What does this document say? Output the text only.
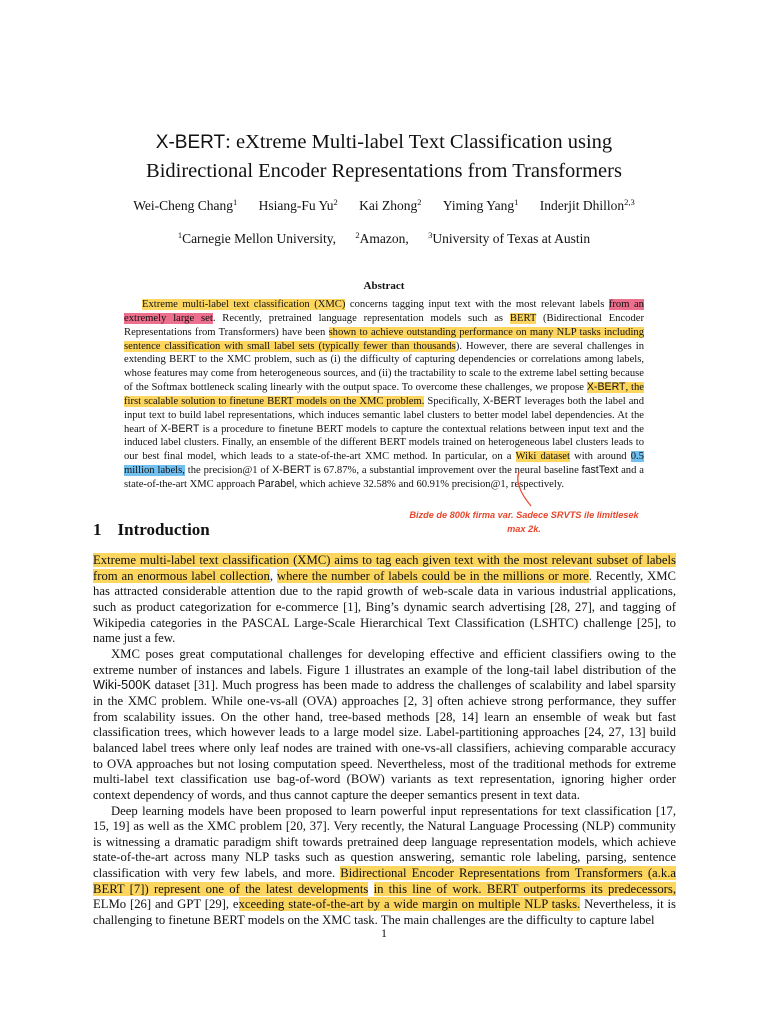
X-BERT: eXtreme Multi-label Text Classification using
Bidirectional Encoder Representations from Transformers
Wei-Cheng Chang$^1$ Hsiang-Fu Yu$^2$ Kai Zhong$^2$ Yiming Yang$^1$ Inderjit Dhillon$^{2,3}$
$^1$Carnegie Mellon University, $^2$Amazon, $^3$University of Texas at Austin
Abstract

Extreme multi-label text classification (XMC) concerns tagging input text with the most relevant labels from an extremely large set. Recently, pretrained language representation models such as BERT (Bidirectional Encoder Representations from Transformers) have been shown to achieve outstanding performance on many NLP tasks including sentence classification with small label sets (typically fewer than thousands). However, there are several challenges in extending BERT to the XMC problem, such as (i) the difficulty of capturing dependencies or correlations among labels, whose features may come from heterogeneous sources, and (ii) the tractability to scale to the extreme label setting because of the Softmax bottleneck scaling linearly with the output space. To overcome these challenges, we propose X-BERT, the first scalable solution to finetune BERT models on the XMC problem. Specifically, X-BERT leverages both the label and input text to build label representations, which induces semantic label clusters to better model label dependencies. At the heart of X-BERT is a procedure to finetune BERT models to capture the contextual relations between input text and the induced label clusters. Finally, an ensemble of the different BERT models trained on heterogeneous label clusters leads to our best final model, which leads to a state-of-the-art XMC method. In particular, on a Wiki dataset with around 0.5 million labels, the precision@1 of X-BERT is 67.87%, a substantial improvement over the neural baseline fastText and a state-of-the-art XMC approach Parabel, which achieve 32.58% and 60.91% precision@1, respectively.

Bizde de 800k firma var. Sadece SRVTS ile limitlesek max 2k.
1 Introduction

Extreme multi-label text classification (XMC) aims to tag each given text with the most relevant subset of labels from an enormous label collection, where the number of labels could be in the millions or more. Recently, XMC has attracted considerable attention due to the rapid growth of web-scale data in various industrial applications, such as product categorization for e-commerce [1], Bing’s dynamic search advertising [28, 27], and tagging of Wikipedia categories in the PASCAL Large-Scale Hierarchical Text Classification (LSHTC) challenge [25], to name just a few.

XMC poses great computational challenges for developing effective and efficient classifiers owing to the extreme number of instances and labels. Figure 1 illustrates an example of the long-tail label distribution of the Wiki-500K dataset [31]. Much progress has been made to address the challenges of scalability and label sparsity in the XMC problem. While one-vs-all (OVA) approaches [2, 3] often achieve strong performance, they suffer from scalability issues. On the other hand, tree-based methods [28, 14] learn an ensemble of weak but fast classification trees, which however leads to a large model size. Label-partitioning approaches [24, 27, 13] build balanced label trees where only leaf nodes are trained with one-vs-all classifiers, achieving comparable accuracy to OVA approaches but not losing computation speed. Nevertheless, most of the traditional methods for extreme multi-label text classification use bag-of-word (BOW) variants as text representation, ignoring higher order context dependency of words, and thus cannot capture the deeper semantics present in text data.

Deep learning models have been proposed to learn powerful input representations for text classification [17, 15, 19] as well as the XMC problem [20, 37]. Very recently, the Natural Language Processing (NLP) community is witnessing a dramatic paradigm shift towards pretrained deep language representation models, which achieve state-of-the-art across many NLP tasks such as question answering, semantic role labeling, parsing, sentence classification with very few labels, and more. Bidirectional Encoder Representations from Transformers (a.k.a BERT [7]) represent one of the latest developments in this line of work. BERT outperforms its predecessors, ELMo [26] and GPT [29], exceeding state-of-the-art by a wide margin on multiple NLP tasks. Nevertheless, it is challenging to finetune BERT models on the XMC task. The main challenges are the difficulty to capture label

1
